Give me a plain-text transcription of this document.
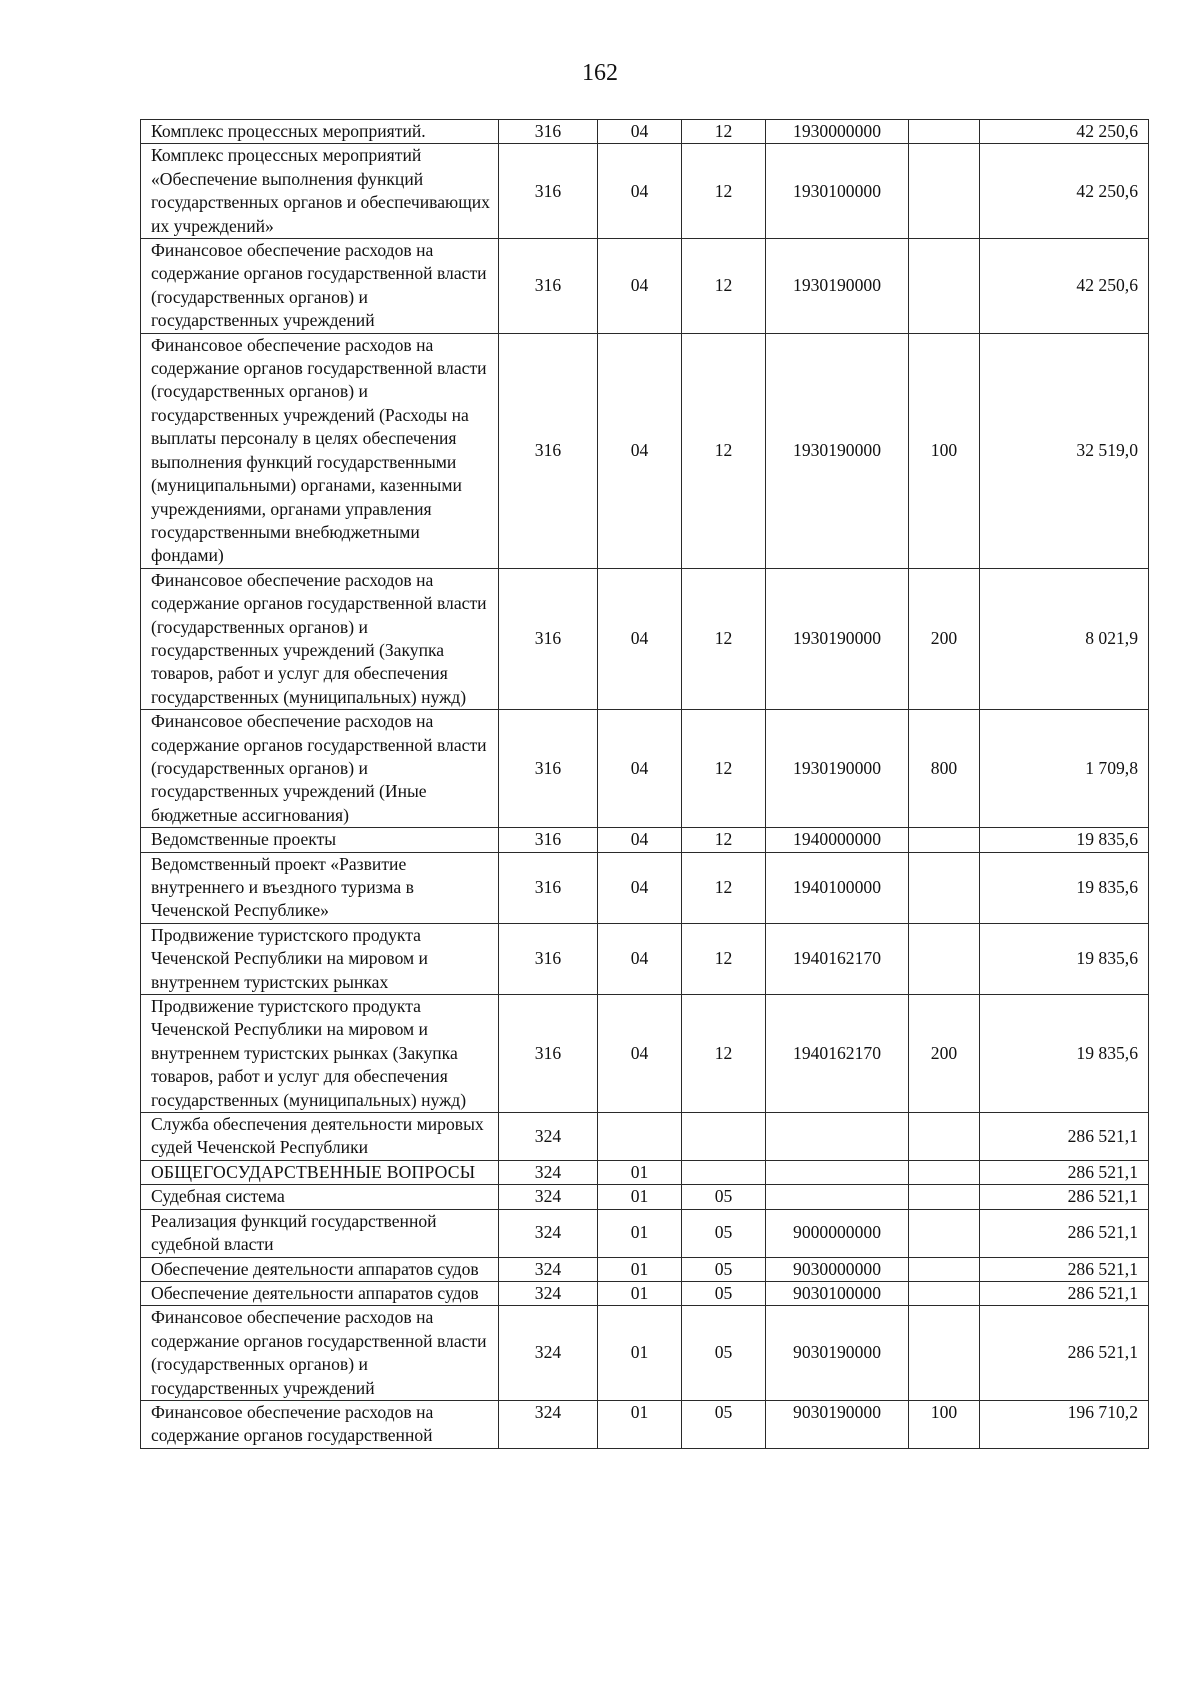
162
Комплекс процессных мероприятий.	316	04	12	1930000000		42 250,6
Комплекс процессных мероприятий «Обеспечение выполнения функций государственных органов и обеспечивающих их учреждений»	316	04	12	1930100000		42 250,6
Финансовое обеспечение расходов на содержание органов государственной власти (государственных органов) и государственных учреждений	316	04	12	1930190000		42 250,6
Финансовое обеспечение расходов на содержание органов государственной власти (государственных органов) и государственных учреждений (Расходы на выплаты персоналу в целях обеспечения выполнения функций государственными (муниципальными) органами, казенными учреждениями, органами управления государственными внебюджетными фондами)	316	04	12	1930190000	100	32 519,0
Финансовое обеспечение расходов на содержание органов государственной власти (государственных органов) и государственных учреждений (Закупка товаров, работ и услуг для обеспечения государственных (муниципальных) нужд)	316	04	12	1930190000	200	8 021,9
Финансовое обеспечение расходов на содержание органов государственной власти (государственных органов) и государственных учреждений (Иные бюджетные ассигнования)	316	04	12	1930190000	800	1 709,8
Ведомственные проекты	316	04	12	1940000000		19 835,6
Ведомственный проект «Развитие внутреннего и въездного туризма в Чеченской Республике»	316	04	12	1940100000		19 835,6
Продвижение туристского продукта Чеченской Республики на мировом и внутреннем туристских рынках	316	04	12	1940162170		19 835,6
Продвижение туристского продукта Чеченской Республики на мировом и внутреннем туристских рынках (Закупка товаров, работ и услуг для обеспечения государственных (муниципальных) нужд)	316	04	12	1940162170	200	19 835,6
Служба обеспечения деятельности мировых судей Чеченской Республики	324					286 521,1
ОБЩЕГОСУДАРСТВЕННЫЕ ВОПРОСЫ	324	01				286 521,1
Судебная система	324	01	05			286 521,1
Реализация функций государственной судебной власти	324	01	05	9000000000		286 521,1
Обеспечение деятельности аппаратов судов	324	01	05	9030000000		286 521,1
Обеспечение деятельности аппаратов судов	324	01	05	9030100000		286 521,1
Финансовое обеспечение расходов на содержание органов государственной власти (государственных органов) и государственных учреждений	324	01	05	9030190000		286 521,1
Финансовое обеспечение расходов на содержание органов государственной	324	01	05	9030190000	100	196 710,2
